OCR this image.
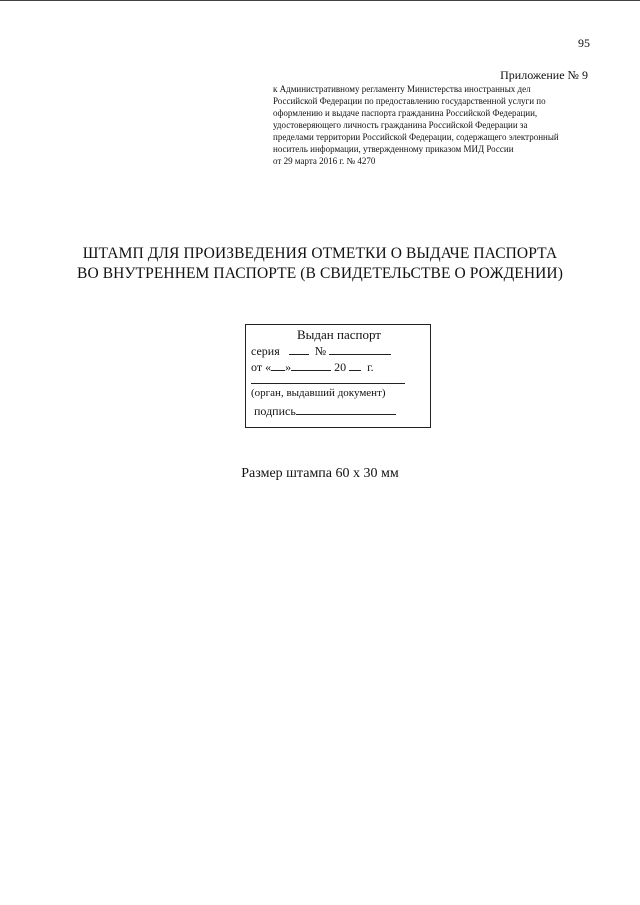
95
Приложение № 9
к Административному регламенту Министерства иностранных дел
Российской Федерации по предоставлению государственной услуги по
оформлению и выдаче паспорта гражданина Российской Федерации,
удостоверяющего личность гражданина Российской Федерации за
пределами территории Российской Федерации, содержащего электронный
носитель информации, утвержденному приказом МИД России
от 29 марта 2016 г. № 4270
ШТАМП ДЛЯ ПРОИЗВЕДЕНИЯ ОТМЕТКИ О ВЫДАЧЕ ПАСПОРТА
ВО ВНУТРЕННЕМ ПАСПОРТЕ (В СВИДЕТЕЛЬСТВЕ О РОЖДЕНИИ)
Выдан паспорт
серия	№
от « »	20 г.
(орган, выдавший документ)
подпись
Размер штампа 60 х 30 мм
